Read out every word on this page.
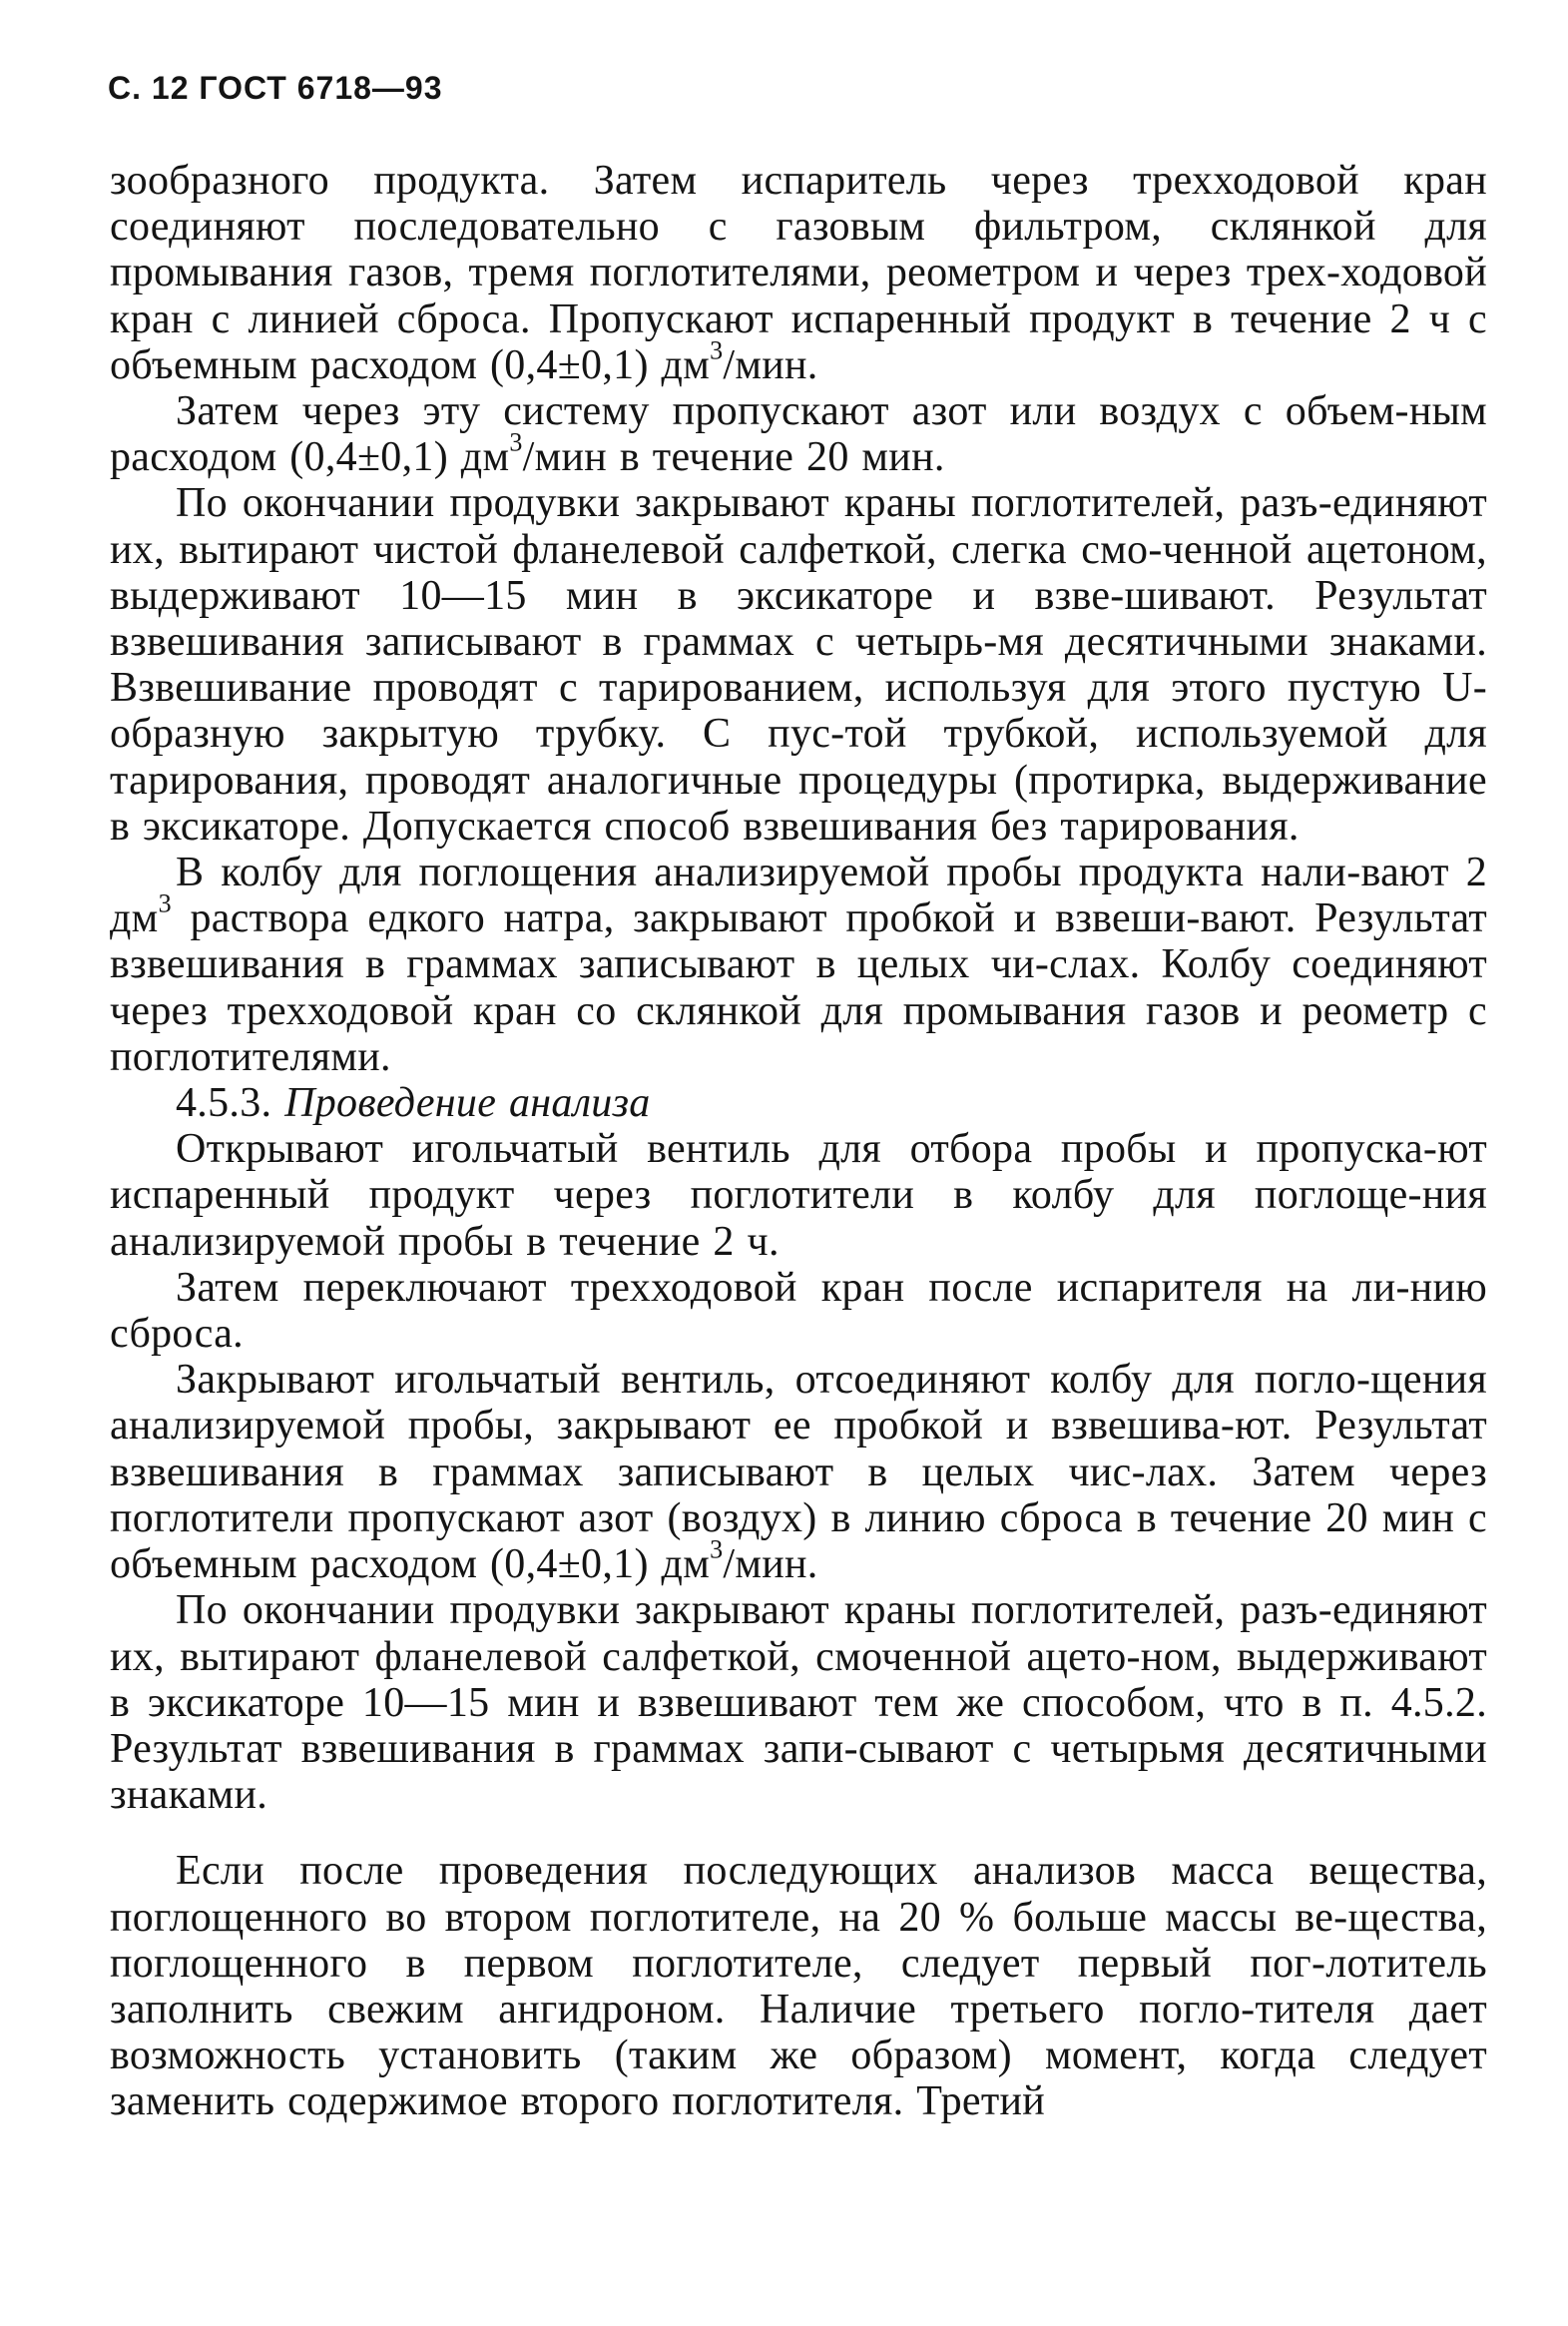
С. 12 ГОСТ 6718—93

зообразного продукта. Затем испаритель через трехходовой кран соединяют последовательно с газовым фильтром, склянкой для промывания газов, тремя поглотителями, реометром и через трех-ходовой кран с линией сброса. Пропускают испаренный продукт в течение 2 ч с объемным расходом (0,4±0,1) $дм^3$/мин.

Затем через эту систему пропускают азот или воздух с объем-ным расходом (0,4±0,1) $дм^3$/мин в течение 20 мин.

По окончании продувки закрывают краны поглотителей, разъ-единяют их, вытирают чистой фланелевой салфеткой, слегка смо-ченной ацетоном, выдерживают 10—15 мин в эксикаторе и взве-шивают. Результат взвешивания записывают в граммах с четырь-мя десятичными знаками. Взвешивание проводят с тарированием, используя для этого пустую U-образную закрытую трубку. С пус-той трубкой, используемой для тарирования, проводят аналогичные процедуры (протирка, выдерживание в эксикаторе. Допускается способ взвешивания без тарирования.

В колбу для поглощения анализируемой пробы продукта нали-вают 2 $дм^3$ раствора едкого натра, закрывают пробкой и взвеши-вают. Результат взвешивания в граммах записывают в целых чи-слах. Колбу соединяют через трехходовой кран со склянкой для промывания газов и реометр с поглотителями.

4.5.3. Проведение анализа

Открывают игольчатый вентиль для отбора пробы и пропуска-ют испаренный продукт через поглотители в колбу для поглоще-ния анализируемой пробы в течение 2 ч.

Затем переключают трехходовой кран после испарителя на ли-нию сброса.

Закрывают игольчатый вентиль, отсоединяют колбу для погло-щения анализируемой пробы, закрывают ее пробкой и взвешива-ют. Результат взвешивания в граммах записывают в целых чис-лах. Затем через поглотители пропускают азот (воздух) в линию сброса в течение 20 мин с объемным расходом (0,4±0,1) $дм^3$/мин.

По окончании продувки закрывают краны поглотителей, разъ-единяют их, вытирают фланелевой салфеткой, смоченной ацето-ном, выдерживают в эксикаторе 10—15 мин и взвешивают тем же способом, что в п. 4.5.2. Результат взвешивания в граммах запи-сывают с четырьмя десятичными знаками.

Если после проведения последующих анализов масса вещества, поглощенного во втором поглотителе, на 20 % больше массы ве-щества, поглощенного в первом поглотителе, следует первый пог-лотитель заполнить свежим ангидроном. Наличие третьего погло-тителя дает возможность установить (таким же образом) момент, когда следует заменить содержимое второго поглотителя. Третий
